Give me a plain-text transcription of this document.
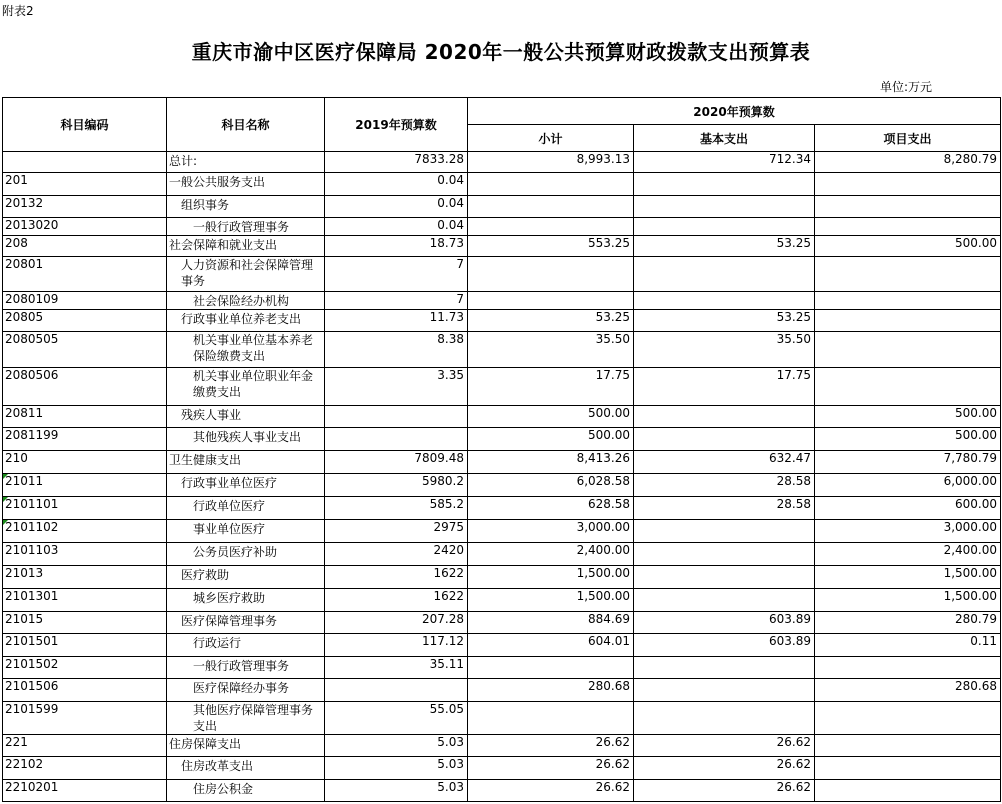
附表2
重庆市渝中区医疗保障局 2020年一般公共预算财政拨款支出预算表
单位:万元
科目编码	科目名称	2019年预算数	2020年预算数		
			小计	基本支出	项目支出
	总计:	7833.28	8,993.13	712.34	8,280.79
201	一般公共服务支出	0.04			
20132	组织事务	0.04			
2013020	一般行政管理事务	0.04			
208	社会保障和就业支出	18.73	553.25	53.25	500.00
20801	人力资源和社会保障管理事务	7			
2080109	社会保险经办机构	7			
20805	行政事业单位养老支出	11.73	53.25	53.25	
2080505	机关事业单位基本养老保险缴费支出	8.38	35.50	35.50	
2080506	机关事业单位职业年金缴费支出	3.35	17.75	17.75	
20811	残疾人事业		500.00		500.00
2081199	其他残疾人事业支出		500.00		500.00
210	卫生健康支出	7809.48	8,413.26	632.47	7,780.79
21011	行政事业单位医疗	5980.2	6,028.58	28.58	6,000.00
2101101	行政单位医疗	585.2	628.58	28.58	600.00
2101102	事业单位医疗	2975	3,000.00		3,000.00
2101103	公务员医疗补助	2420	2,400.00		2,400.00
21013	医疗救助	1622	1,500.00		1,500.00
2101301	城乡医疗救助	1622	1,500.00		1,500.00
21015	医疗保障管理事务	207.28	884.69	603.89	280.79
2101501	行政运行	117.12	604.01	603.89	0.11
2101502	一般行政管理事务	35.11			
2101506	医疗保障经办事务		280.68		280.68
2101599	其他医疗保障管理事务支出	55.05			
221	住房保障支出	5.03	26.62	26.62	
22102	住房改革支出	5.03	26.62	26.62	
2210201	住房公积金	5.03	26.62	26.62	
